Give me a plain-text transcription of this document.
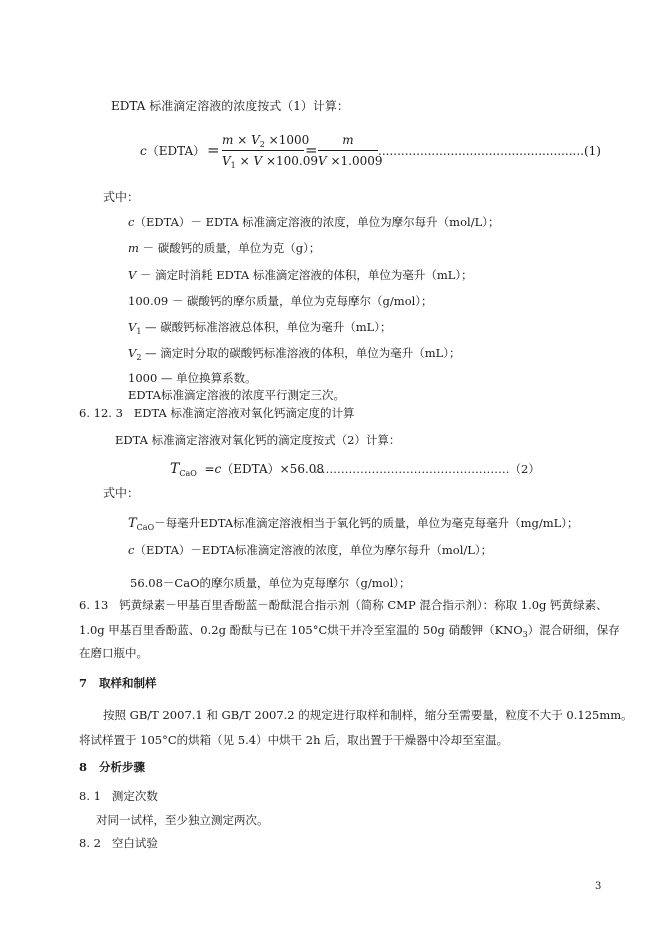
EDTA 标准滴定溶液的浓度按式（1）计算：
c（EDTA） =
$m \times V_2 \times 1000$
$V_1 \times V \times 100.09$
=
m
V ×1.0009
......................................................(1)
式中：
c（EDTA）－ EDTA 标准滴定溶液的浓度，单位为摩尔每升（mol/L）；
m － 碳酸钙的质量，单位为克（g）；
V － 滴定时消耗 EDTA 标准滴定溶液的体积，单位为毫升（mL）；
100.09 － 碳酸钙的摩尔质量，单位为克每摩尔（g/mol）；
$V_1$ — 碳酸钙标准溶液总体积，单位为毫升（mL）；
$V_2$ — 滴定时分取的碳酸钙标准溶液的体积，单位为毫升（mL）；
1000 — 单位换算系数。
EDTA标准滴定溶液的浓度平行测定三次。
6. 12. 3 EDTA 标准滴定溶液对氧化钙滴定度的计算
EDTA 标准滴定溶液对氧化钙的滴定度按式（2）计算：
$T_{CaO}$ =c（EDTA）×56.08
……………………………………………（2）
式中：
$T_{CaO}-$每毫升EDTA标准滴定溶液相当于氧化钙的质量，单位为毫克每毫升（mg/mL）；
c（EDTA）－EDTA标准滴定溶液的浓度，单位为摩尔每升（mol/L）；
56.08－CaO的摩尔质量，单位为克每摩尔（g/mol）；
6. 13 钙黄绿素－甲基百里香酚蓝－酚酞混合指示剂（简称 CMP 混合指示剂）：称取 1.0g 钙黄绿素、
1.0g 甲基百里香酚蓝、0.2g 酚酞与已在 105°C烘干并冷至室温的 50g 硝酸钾$(KNO_3)$混合研细，保存
在磨口瓶中。
7 取样和制样
按照 GB/T 2007.1 和 GB/T 2007.2 的规定进行取样和制样，缩分至需要量，粒度不大于 0.125mm。
将试样置于 105°C的烘箱（见 5.4）中烘干 2h 后，取出置于干燥器中冷却至室温。
8 分析步骤
8. 1 测定次数
对同一试样，至少独立测定两次。
8. 2 空白试验
3
